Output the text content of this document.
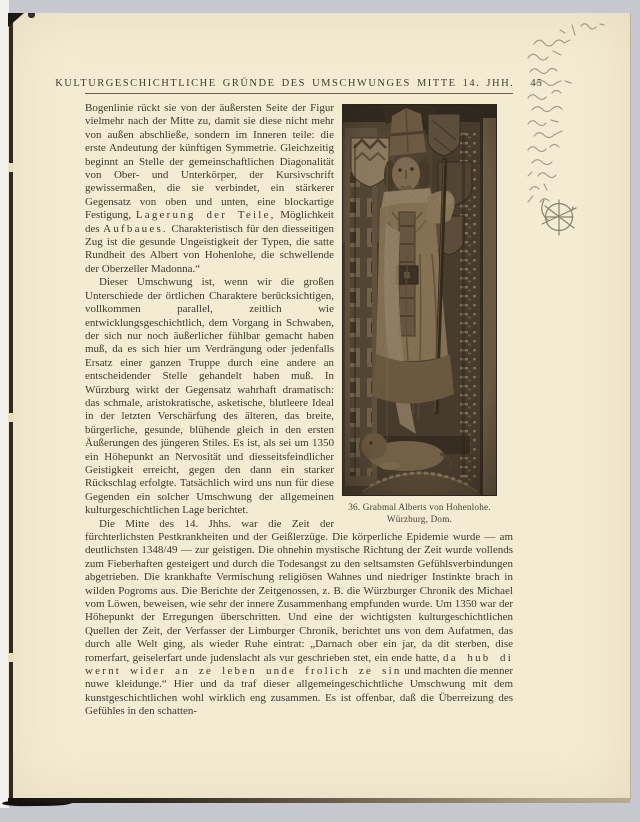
KULTURGESCHICHTLICHE GRÜNDE DES UMSCHWUNGES MITTE 14. JHH. 45
36. Grabmal Alberts von Hohenlohe.
Würzburg, Dom.

Bogenlinie rückt sie von der äußersten Seite der Figur vielmehr nach der Mitte zu, damit sie diese nicht mehr von außen abschließe, sondern im Inneren teile: die erste Andeutung der künftigen Symmetrie. Gleichzeitig beginnt an Stelle der gemeinschaftlichen Diagonalität von Ober- und Unterkörper, der Kursivschrift gewissermaßen, die sie verbindet, ein stärkerer Gegensatz von oben und unten, eine blockartige Festigung, Lagerung der Teile, Möglichkeit des Aufbaues. Charakteristisch für den diesseitigen Zug ist die gesunde Ungeistigkeit der Typen, die satte Rundheit des Albert von Hohenlohe, die schwellende der Oberzeller Madonna.“

Dieser Umschwung ist, wenn wir die großen Unterschiede der örtlichen Charaktere berücksichtigen, vollkommen parallel, zeitlich wie entwicklungsgeschichtlich, dem Vorgang in Schwaben, der sich nur noch äußerlicher fühlbar gemacht haben muß, da es sich hier um Verdrängung oder jedenfalls Ersatz einer ganzen Truppe durch eine andere an entscheidender Stelle gehandelt haben muß. In Würzburg wirkt der Gegensatz wahrhaft dramatisch: das schmale, aristokratische, asketische, blutleere Ideal in der letzten Verschärfung des älteren, das breite, bürgerliche, gesunde, blühende gleich in den ersten Äußerungen des jüngeren Stiles. Es ist, als sei um 1350 ein Höhepunkt an Nervosität und diesseitsfeindlicher Geistigkeit erreicht, gegen den dann ein starker Rückschlag erfolgte. Tatsächlich wird uns nun für diese Gegenden ein solcher Umschwung der allgemeinen kulturgeschichtlichen Lage berichtet.

Die Mitte des 14. Jhhs. war die Zeit der fürchterlichsten Pestkrankheiten und der Geißlerzüge. Die körperliche Epidemie wurde — am deutlichsten 1348/49 — zur geistigen. Die ohnehin mystische Richtung der Zeit wurde vollends zum Fieberhaften gesteigert und durch die Todesangst zu den seltsamsten Gefühlsverbindungen abgetrieben. Die krankhafte Vermischung religiösen Wahnes und niedriger Instinkte brach in wilden Pogroms aus. Die Berichte der Zeitgenossen, z. B. die Würzburger Chronik des Michael vom Löwen, beweisen, wie sehr der innere Zusammenhang empfunden wurde. Um 1350 war der Höhepunkt der Erregungen überschritten. Und eine der wichtigsten kulturgeschichtlichen Quellen der Zeit, der Verfasser der Limburger Chronik, berichtet uns von dem Aufatmen, das durch alle Welt ging, als wieder Ruhe eintrat: „Darnach ober ein jar, da dit sterben, dise romerfart, geiselerfart unde judenslacht als vur geschrieben stet, ein ende hatte, da hub di wernt wider an ze leben unde frolich ze sin und machten die menner nuwe kleidunge.“ Hier und da traf dieser allgemeingeschichtliche Umschwung mit dem kunstgeschichtlichen wohl wirklich eng zusammen. Es ist offenbar, daß die Überreizung des Gefühles in den schatten-
